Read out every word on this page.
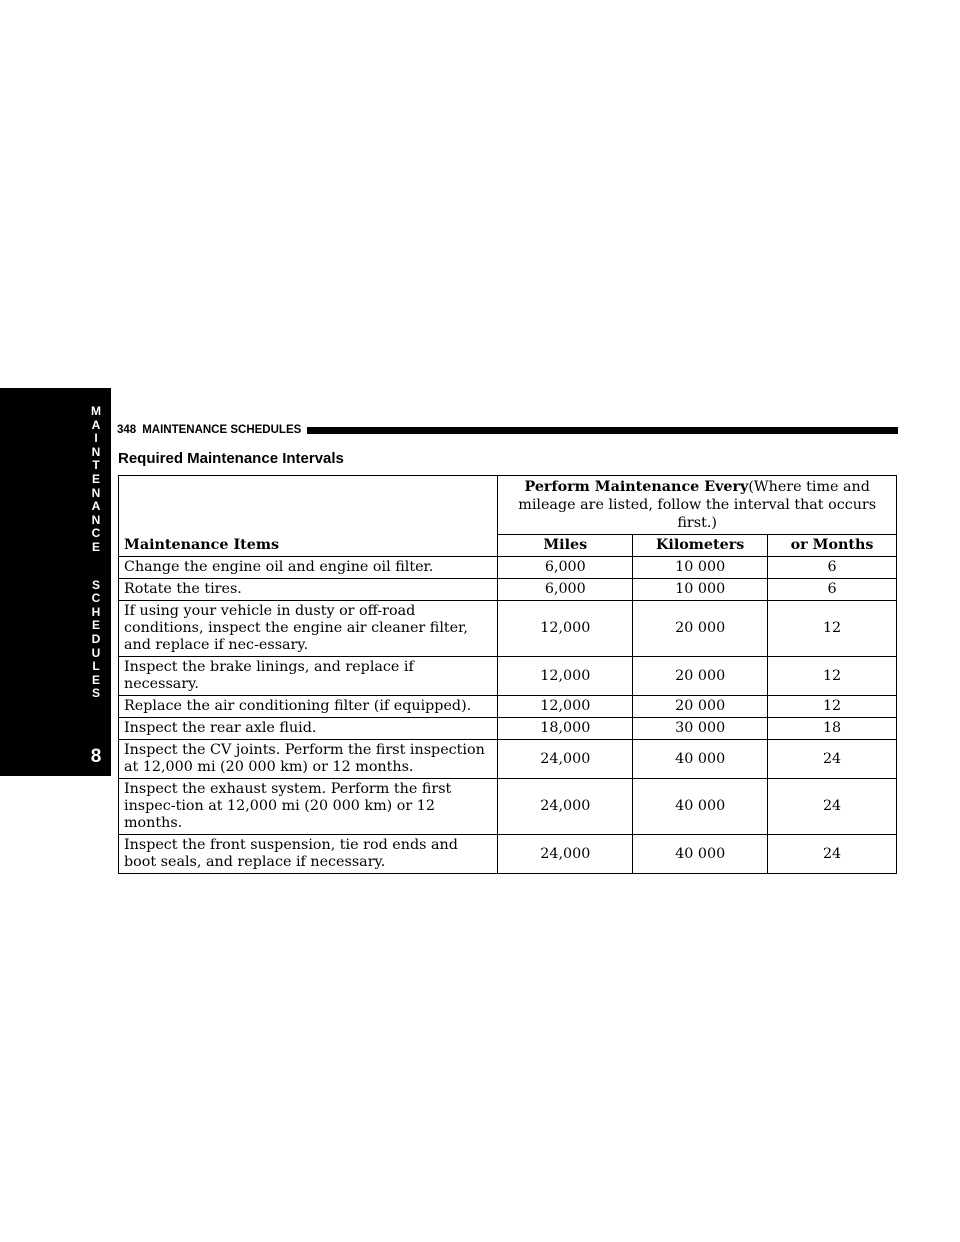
M
A
I
N
T
E
N
A
N
C
E
S
C
H
E
D
U
L
E
S
8
348 MAINTENANCE SCHEDULES
Required Maintenance Intervals
Maintenance Items	Perform Maintenance Every(Where time and mileage are listed, follow the interval that occurs first.)		
	Miles	Kilometers	or Months
Change the engine oil and engine oil filter.	6,000	10 000	6
Rotate the tires.	6,000	10 000	6
If using your vehicle in dusty or off-road conditions, inspect the engine air cleaner filter, and replace if nec-essary.	12,000	20 000	12
Inspect the brake linings, and replace if necessary.	12,000	20 000	12
Replace the air conditioning filter (if equipped).	12,000	20 000	12
Inspect the rear axle fluid.	18,000	30 000	18
Inspect the CV joints. Perform the first inspection at 12,000 mi (20 000 km) or 12 months.	24,000	40 000	24
Inspect the exhaust system. Perform the first inspec-tion at 12,000 mi (20 000 km) or 12 months.	24,000	40 000	24
Inspect the front suspension, tie rod ends and boot seals, and replace if necessary.	24,000	40 000	24
